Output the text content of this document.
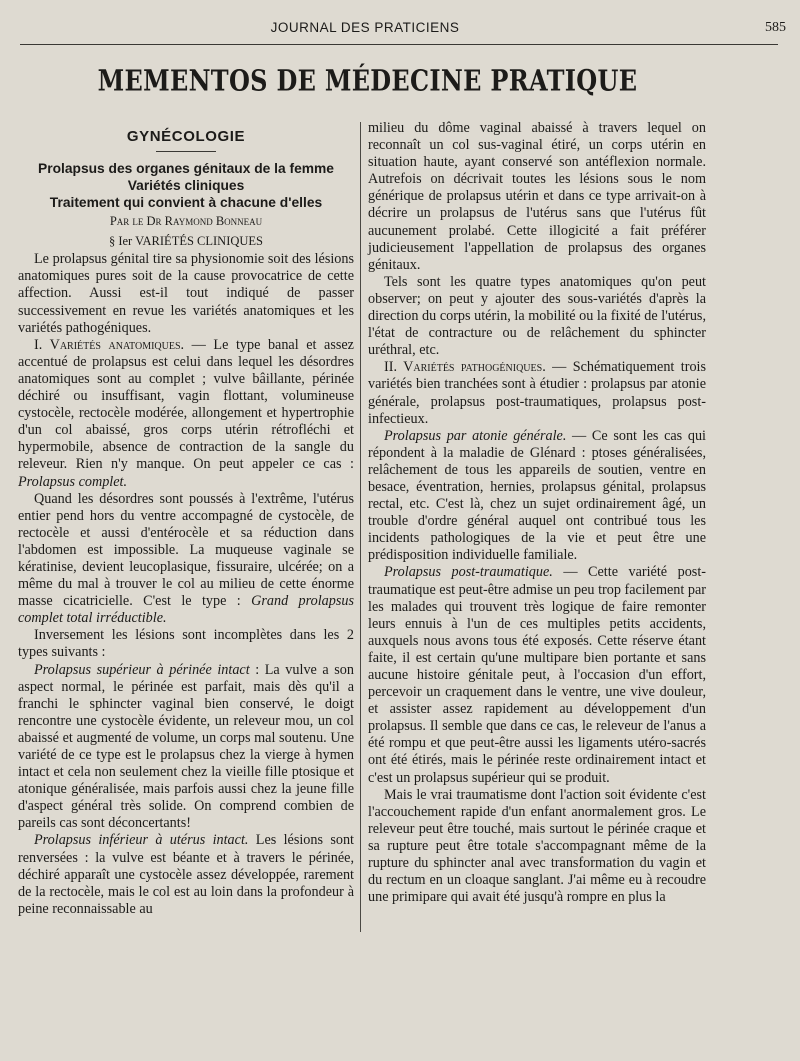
JOURNAL DES PRATICIENS	585
MEMENTOS DE MÉDECINE PRATIQUE
GYNÉCOLOGIE
Prolapsus des organes génitaux de la femme
Variétés cliniques
Traitement qui convient à chacune d'elles
Par le Dr Raymond Bonneau
§ Ier VARIÉTÉS CLINIQUES

Le prolapsus génital tire sa physionomie soit des lésions anatomiques pures soit de la cause provocatrice de cette affection. Aussi est-il tout indiqué de passer successivement en revue les variétés anatomiques et les variétés pathogéniques.

I. Variétés anatomiques. — Le type banal et assez accentué de prolapsus est celui dans lequel les désordres anatomiques sont au complet ; vulve bâillante, périnée déchiré ou insuffisant, vagin flottant, volumineuse cystocèle, rectocèle modérée, allongement et hypertrophie d'un col abaissé, gros corps utérin rétrofléchi et hypermobile, absence de contraction de la sangle du releveur. Rien n'y manque. On peut appeler ce cas : Prolapsus complet.

Quand les désordres sont poussés à l'extrême, l'utérus entier pend hors du ventre accompagné de cystocèle, de rectocèle et aussi d'entérocèle et sa réduction dans l'abdomen est impossible. La muqueuse vaginale se kératinise, devient leucoplasique, fissuraire, ulcérée; on a même du mal à trouver le col au milieu de cette énorme masse cicatricielle. C'est le type : Grand prolapsus complet total irréductible.

Inversement les lésions sont incomplètes dans les 2 types suivants :

Prolapsus supérieur à périnée intact : La vulve a son aspect normal, le périnée est parfait, mais dès qu'il a franchi le sphincter vaginal bien conservé, le doigt rencontre une cystocèle évidente, un releveur mou, un col abaissé et augmenté de volume, un corps mal soutenu. Une variété de ce type est le prolapsus chez la vierge à hymen intact et cela non seulement chez la vieille fille ptosique et atonique généralisée, mais parfois aussi chez la jeune fille d'aspect général très solide. On comprend combien de pareils cas sont déconcertants!

Prolapsus inférieur à utérus intact. Les lésions sont renversées : la vulve est béante et à travers le périnée, déchiré apparaît une cystocèle assez développée, rarement de la rectocèle, mais le col est au loin dans la profondeur à peine reconnaissable au

milieu du dôme vaginal abaissé à travers lequel on reconnaît un col sus-vaginal étiré, un corps utérin en situation haute, ayant conservé son antéflexion normale. Autrefois on décrivait toutes les lésions sous le nom générique de prolapsus utérin et dans ce type arrivait-on à décrire un prolapsus de l'utérus sans que l'utérus fût aucunement prolabé. Cette illogicité a fait préférer judicieusement l'appellation de prolapsus des organes génitaux.

Tels sont les quatre types anatomiques qu'on peut observer; on peut y ajouter des sous-variétés d'après la direction du corps utérin, la mobilité ou la fixité de l'utérus, l'état de contracture ou de relâchement du sphincter uréthral, etc.

II. Variétés pathogéniques. — Schématiquement trois variétés bien tranchées sont à étudier : prolapsus par atonie générale, prolapsus post-traumatiques, prolapsus post-infectieux.

Prolapsus par atonie générale. — Ce sont les cas qui répondent à la maladie de Glénard : ptoses généralisées, relâchement de tous les appareils de soutien, ventre en besace, éventration, hernies, prolapsus génital, prolapsus rectal, etc. C'est là, chez un sujet ordinairement âgé, un trouble d'ordre général auquel ont contribué tous les incidents pathologiques de la vie et peut être une prédisposition individuelle familiale.

Prolapsus post-traumatique. — Cette variété post-traumatique est peut-être admise un peu trop facilement par les malades qui trouvent très logique de faire remonter leurs ennuis à l'un de ces multiples petits accidents, auxquels nous avons tous été exposés. Cette réserve étant faite, il est certain qu'une multipare bien portante et sans aucune histoire génitale peut, à l'occasion d'un effort, percevoir un craquement dans le ventre, une vive douleur, et assister assez rapidement au développement d'un prolapsus. Il semble que dans ce cas, le releveur de l'anus a été rompu et que peut-être aussi les ligaments utéro-sacrés ont été étirés, mais le périnée reste ordinairement intact et c'est un prolapsus supérieur qui se produit.

Mais le vrai traumatisme dont l'action soit évidente c'est l'accouchement rapide d'un enfant anormalement gros. Le releveur peut être touché, mais surtout le périnée craque et sa rupture peut être totale s'accompagnant même de la rupture du sphincter anal avec transformation du vagin et du rectum en un cloaque sanglant. J'ai même eu à recoudre une primipare qui avait été jusqu'à rompre en plus la
